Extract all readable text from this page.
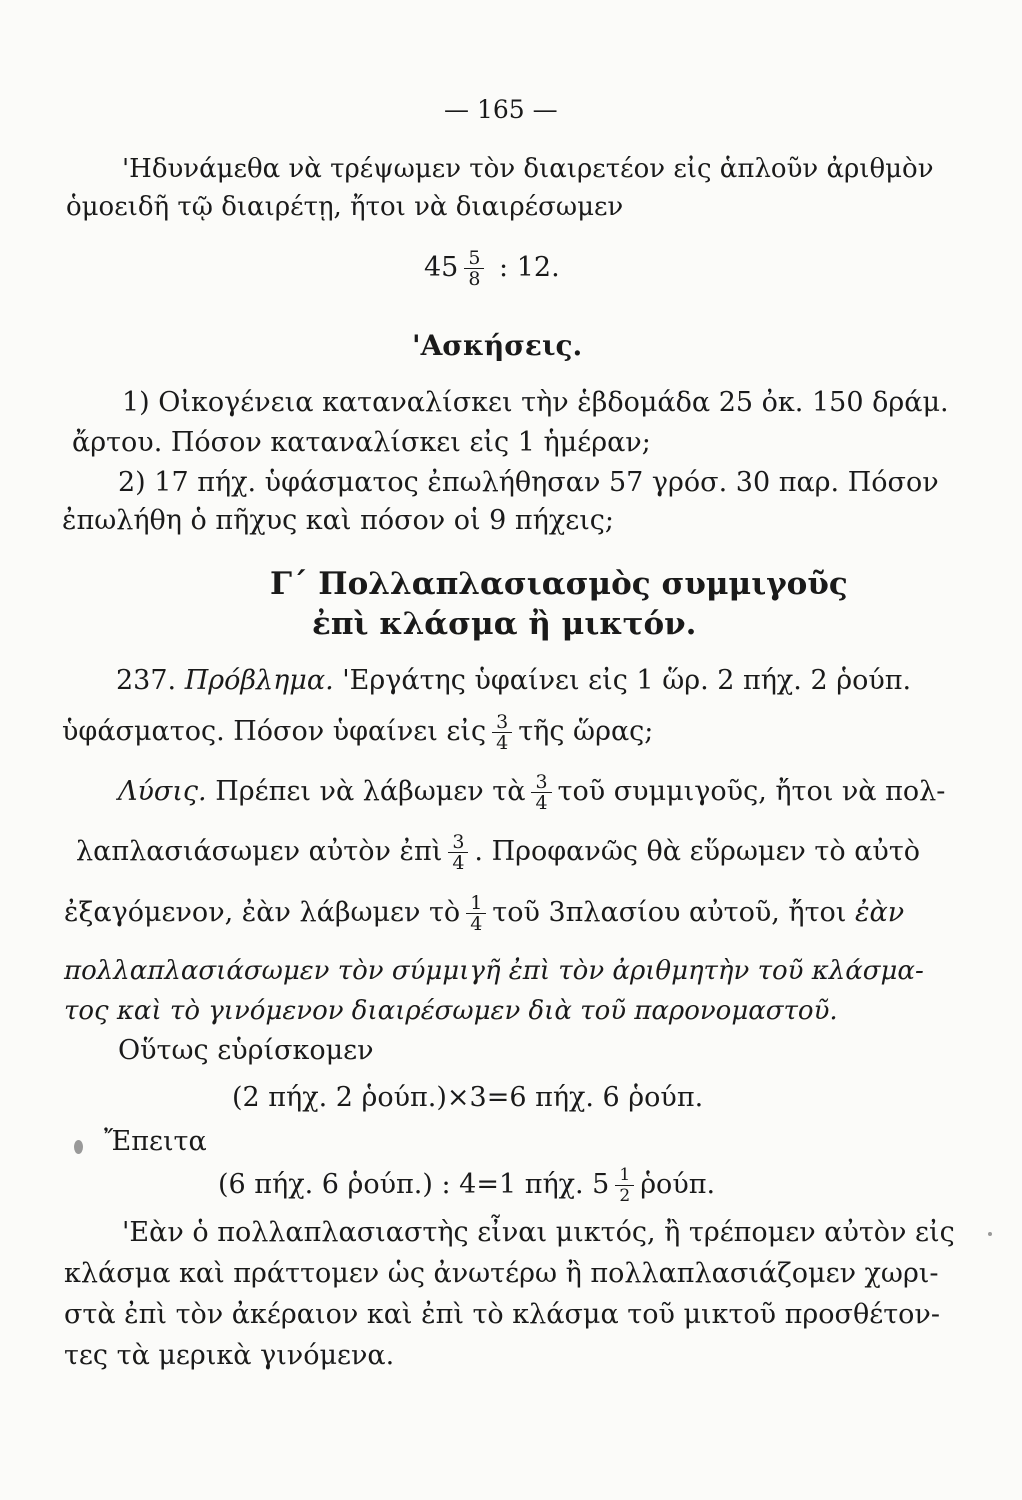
— 165 —
'Ηδυνάμεθα νὰ τρέψωμεν τὸν διαιρετέον εἰς ἁπλοῦν ἀριθμὸν
ὁμοειδῆ τῷ διαιρέτῃ, ἤτοι νὰ διαιρέσωμεν
$45 \frac{5}{8}$ : 12.
'Ασκήσεις.
1) Οἰκογένεια καταναλίσκει τὴν ἑβδομάδα 25 ὀκ. 150 δράμ.
ἄρτου. Πόσον καταναλίσκει εἰς 1 ἡμέραν;
2) 17 πήχ. ὑφάσματος ἐπωλήθησαν 57 γρόσ. 30 παρ. Πόσον
ἐπωλήθη ὁ πῆχυς καὶ πόσον οἱ 9 πήχεις;
Γ΄ Πολλαπλασιασμὸς συμμιγοῦς
ἐπὶ κλάσμα ἢ μικτόν.
237. Πρόβλημα. 'Εργάτης ὑφαίνει εἰς 1 ὥρ. 2 πήχ. 2 ῥούπ.
ὑφάσματος. Πόσον ὑφαίνει εἰς $\frac{3}{4}$ τῆς ὥρας;
Λύσις. Πρέπει νὰ λάβωμεν τὰ $\frac{3}{4}$ τοῦ συμμιγοῦς, ἤτοι νὰ πολ-
λαπλασιάσωμεν αὐτὸν ἐπὶ $\frac{3}{4}$ . Προφανῶς θὰ εὕρωμεν τὸ αὐτὸ
ἐξαγόμενον, ἐὰν λάβωμεν τὸ $\frac{1}{4}$ τοῦ 3πλασίου αὐτοῦ, ἤτοι ἐὰν
πολλαπλασιάσωμεν τὸν σύμμιγῆ ἐπὶ τὸν ἀριθμητὴν τοῦ κλάσμα-
τος καὶ τὸ γινόμενον διαιρέσωμεν διὰ τοῦ παρονομαστοῦ.
Οὕτως εὑρίσκομεν
(2 πήχ. 2 ῥούπ.)×3=6 πήχ. 6 ῥούπ.
Ἔπειτα
(6 πήχ. 6 ῥούπ.) : 4=1 πήχ. $5 \frac{1}{2}$ ῥούπ.
'Εὰν ὁ πολλαπλασιαστὴς εἶναι μικτός, ἢ τρέπομεν αὐτὸν εἰς
κλάσμα καὶ πράττομεν ὡς ἀνωτέρω ἢ πολλαπλασιάζομεν χωρι-
στὰ ἐπὶ τὸν ἀκέραιον καὶ ἐπὶ τὸ κλάσμα τοῦ μικτοῦ προσθέτον-
τες τὰ μερικὰ γινόμενα.
